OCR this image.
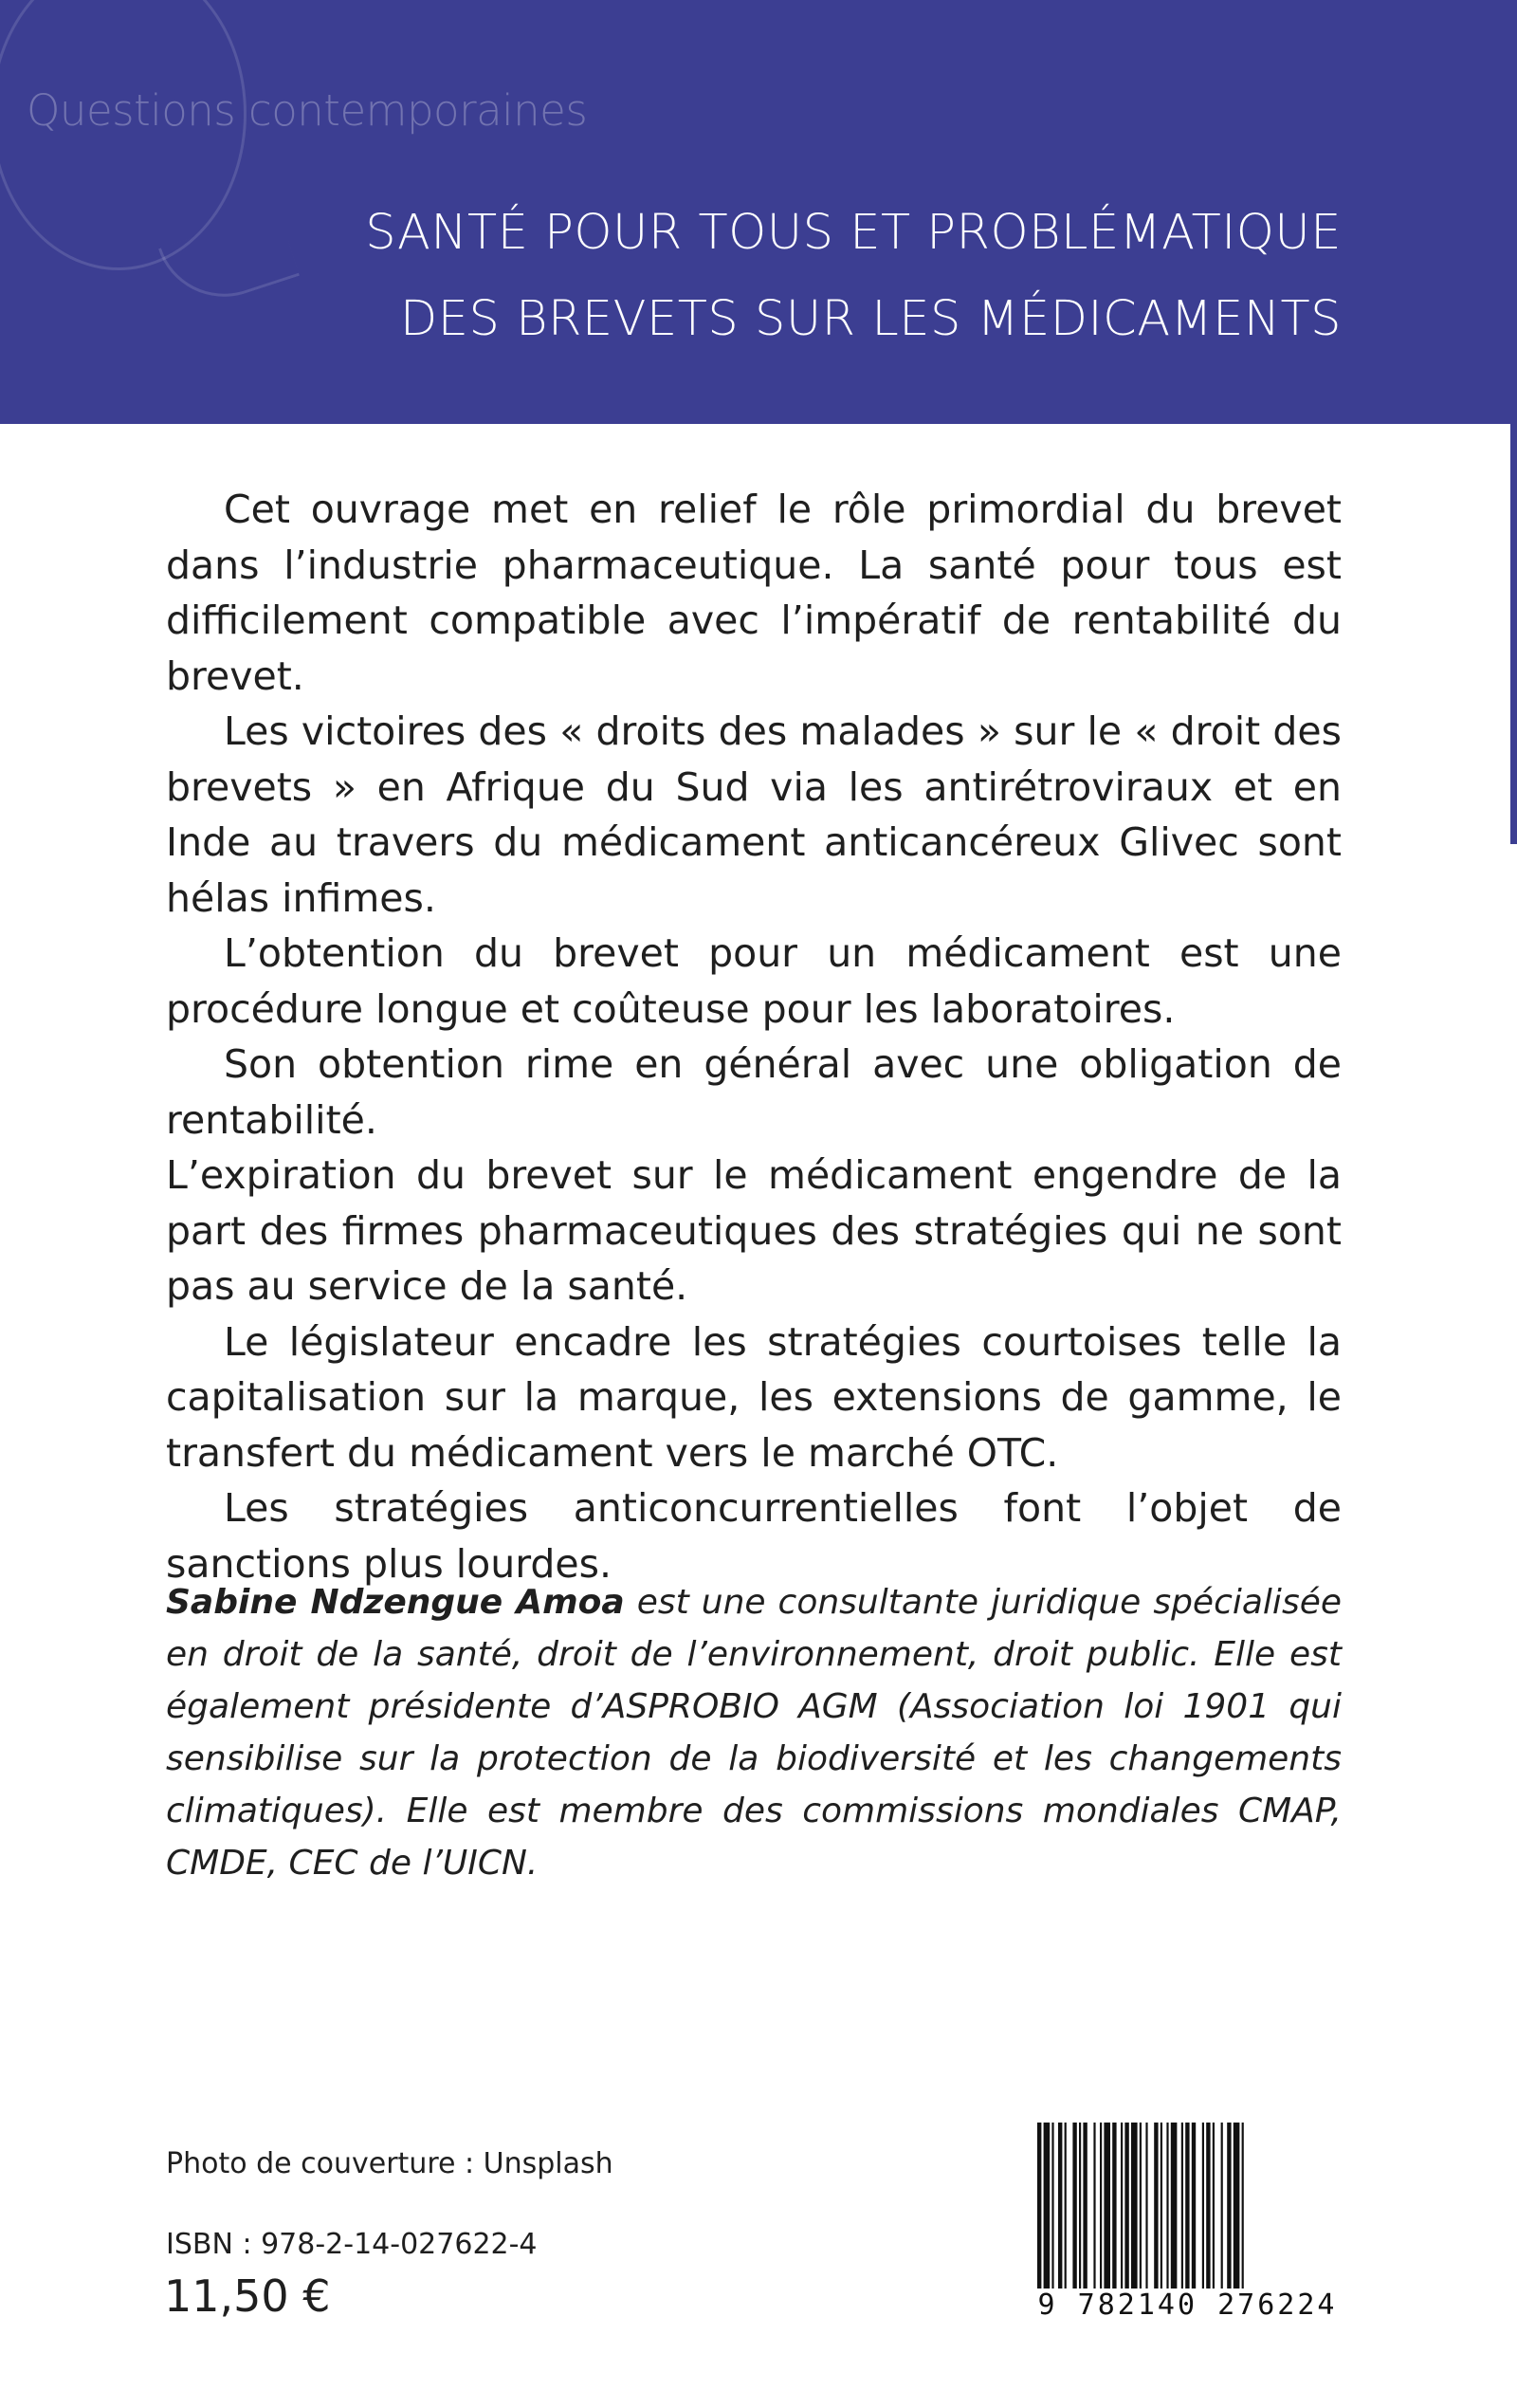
Questions contemporaines
SANTÉ POUR TOUS ET PROBLÉMATIQUE
DES BREVETS SUR LES MÉDICAMENTS

Cet ouvrage met en relief le rôle primordial du brevet dans l’industrie pharmaceutique. La santé pour tous est difficilement compatible avec l’impératif de rentabilité du brevet.

Les victoires des « droits des malades » sur le « droit des brevets » en Afrique du Sud via les antirétroviraux et en Inde au travers du médicament anticancéreux Glivec sont hélas infimes.

L’obtention du brevet pour un médicament est une procédure longue et coûteuse pour les laboratoires.

Son obtention rime en général avec une obligation de rentabilité.

L’expiration du brevet sur le médicament engendre de la part des firmes pharmaceutiques des stratégies qui ne sont pas au service de la santé.

Le législateur encadre les stratégies courtoises telle la capitalisation sur la marque, les extensions de gamme, le transfert du médicament vers le marché OTC.

Les stratégies anticoncurrentielles font l’objet de sanctions plus lourdes.

Sabine Ndzengue Amoa est une consultante juridique spécialisée en droit de la santé, droit de l’environnement, droit public. Elle est également présidente d’ASPROBIO AGM (Association loi 1901 qui sensibilise sur la protection de la biodiversité et les changements climatiques). Elle est membre des commissions mondiales CMAP, CMDE, CEC de l’UICN.
Photo de couverture : Unsplash
ISBN : 978-2-14-027622-4
11,50 €	9 782140 276224
